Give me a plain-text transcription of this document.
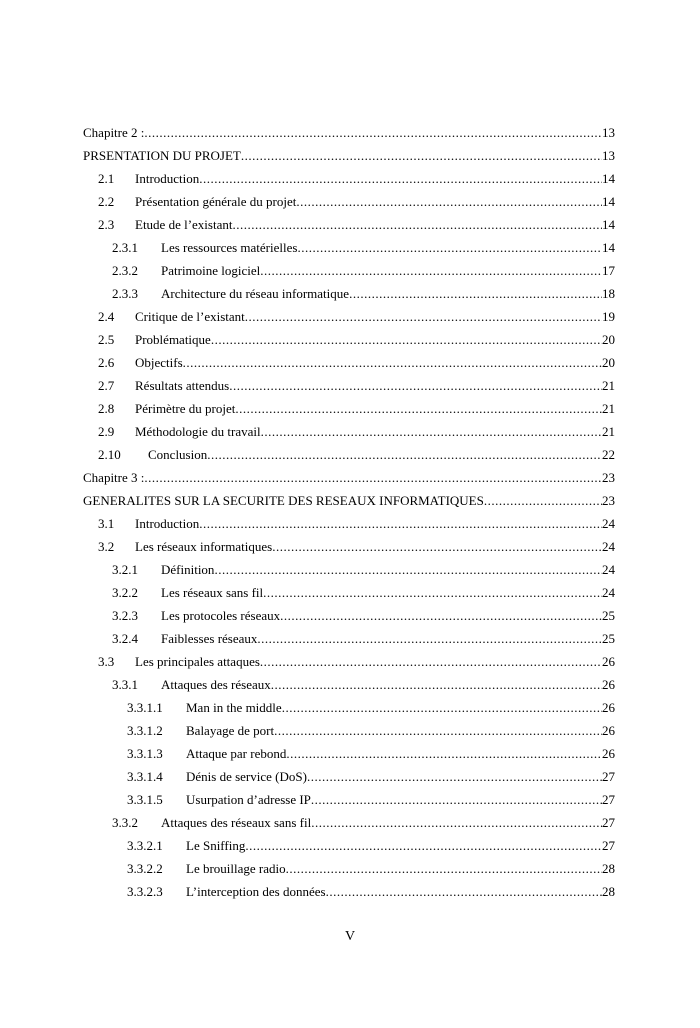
Chapitre 2 : .....	13
PRSENTATION DU PROJET .....	13
2.1 Introduction .....	14
2.2 Présentation générale du projet .....	14
2.3 Etude de l’existant .....	14
2.3.1 Les ressources matérielles .....	14
2.3.2 Patrimoine logiciel .....	17
2.3.3 Architecture du réseau informatique .....	18
2.4 Critique de l’existant .....	19
2.5 Problématique .....	20
2.6 Objectifs .....	20
2.7 Résultats attendus .....	21
2.8 Périmètre du projet .....	21
2.9 Méthodologie du travail .....	21
2.10 Conclusion .....	22
Chapitre 3 : .....	23
GENERALITES SUR LA SECURITE DES RESEAUX INFORMATIQUES .....	23
3.1 Introduction .....	24
3.2 Les réseaux informatiques .....	24
3.2.1 Définition .....	24
3.2.2 Les réseaux sans fil .....	24
3.2.3 Les protocoles réseaux .....	25
3.2.4 Faiblesses réseaux .....	25
3.3 Les principales attaques .....	26
3.3.1 Attaques des réseaux .....	26
3.3.1.1 Man in the middle .....	26
3.3.1.2 Balayage de port .....	26
3.3.1.3 Attaque par rebond .....	26
3.3.1.4 Dénis de service (DoS) .....	27
3.3.1.5 Usurpation d’adresse IP .....	27
3.3.2 Attaques des réseaux sans fil .....	27
3.3.2.1 Le Sniffing .....	27
3.3.2.2 Le brouillage radio .....	28
3.3.2.3 L’interception des données .....	28
V
